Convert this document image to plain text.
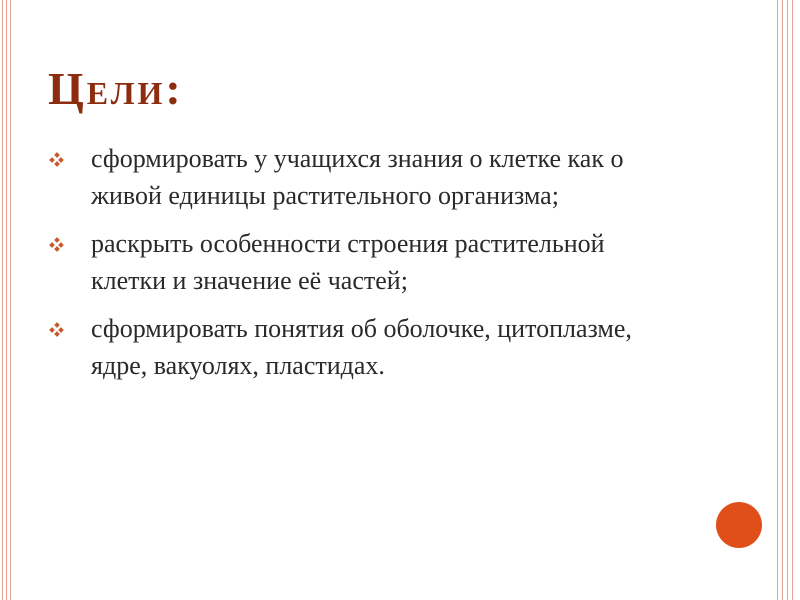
Цели:
сформировать у учащихся знания о клетке как о живой единицы растительного организма;
раскрыть особенности строения растительной клетки и значение её частей;
сформировать понятия об оболочке, цитоплазме, ядре, вакуолях, пластидах.
